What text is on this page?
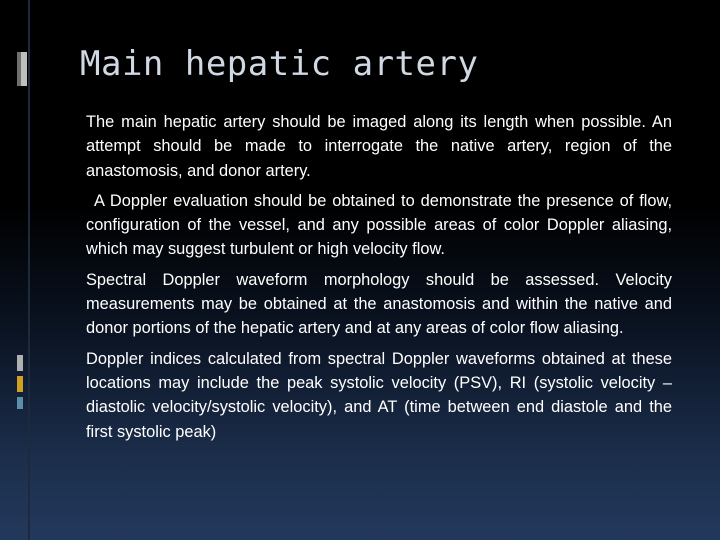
Main hepatic artery

The main hepatic artery should be imaged along its length when possible. An attempt should be made to interrogate the native artery, region of the anastomosis, and donor artery.

A Doppler evaluation should be obtained to demonstrate the presence of flow, configuration of the vessel, and any possible areas of color Doppler aliasing, which may suggest turbulent or high velocity flow.

Spectral Doppler waveform morphology should be assessed. Velocity measurements may be obtained at the anastomosis and within the native and donor portions of the hepatic artery and at any areas of color flow aliasing.

Doppler indices calculated from spectral Doppler waveforms obtained at these locations may include the peak systolic velocity (PSV), RI (systolic velocity – diastolic velocity/systolic velocity), and AT (time between end diastole and the first systolic peak)
